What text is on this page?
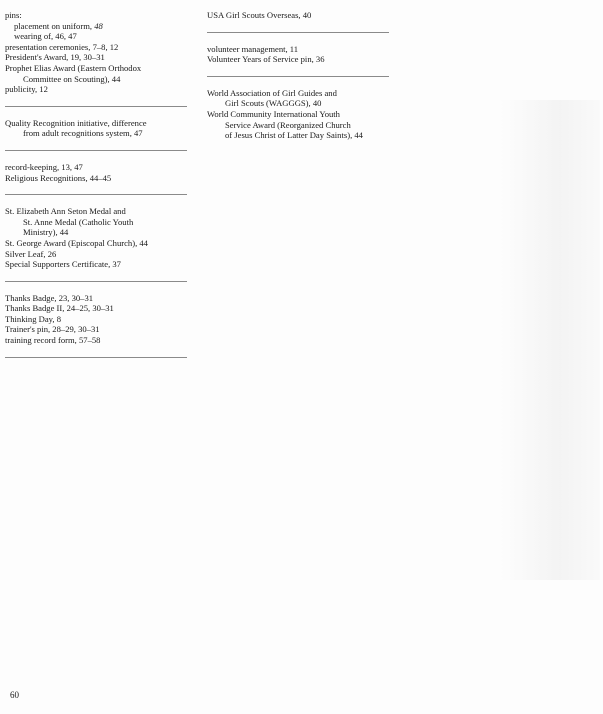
pins:

placement on uniform, 48

wearing of, 46, 47

presentation ceremonies, 7–8, 12

President's Award, 19, 30–31

Prophet Elias Award (Eastern Orthodox

Committee on Scouting), 44

publicity, 12

Quality Recognition initiative, difference

from adult recognitions system, 47

record-keeping, 13, 47

Religious Recognitions, 44–45

St. Elizabeth Ann Seton Medal and

St. Anne Medal (Catholic Youth

Ministry), 44

St. George Award (Episcopal Church), 44

Silver Leaf, 26

Special Supporters Certificate, 37

Thanks Badge, 23, 30–31

Thanks Badge II, 24–25, 30–31

Thinking Day, 8

Trainer's pin, 28–29, 30–31

training record form, 57–58

USA Girl Scouts Overseas, 40

volunteer management, 11

Volunteer Years of Service pin, 36

World Association of Girl Guides and

Girl Scouts (WAGGGS), 40

World Community International Youth

Service Award (Reorganized Church

of Jesus Christ of Latter Day Saints), 44

60
